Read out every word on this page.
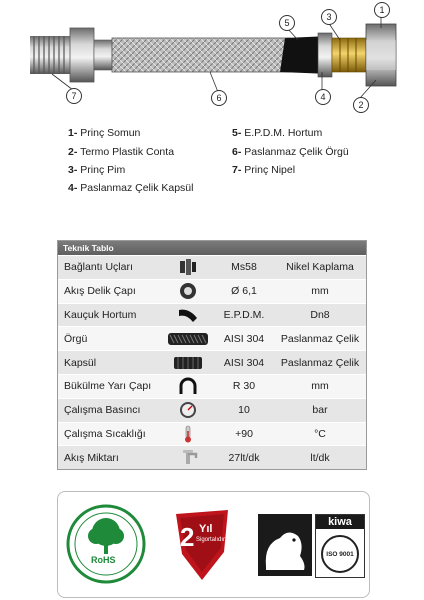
1
2
3
4
5
6
7
1- Prinç Somun
2- Termo Plastik Conta
3- Prinç Pim
4- Paslanmaz Çelik Kapsül
5- E.P.D.M. Hortum
6- Paslanmaz Çelik Örgü
7- Prinç Nipel
Teknik Tablo
Bağlantı Uçları	Ms58	Nikel Kaplama
Akış Delik Çapı	Ø 6,1	mm
Kauçuk Hortum	E.P.D.M.	Dn8
Örgü	AISI 304	Paslanmaz Çelik
Kapsül	AISI 304	Paslanmaz Çelik
Bükülme Yarı Çapı	R 30	mm
Çalışma Basıncı	10	bar
Çalışma Sıcaklığı	+90	°C
Akış Miktarı	27lt/dk	lt/dk
RoHS
2 Yıl
Sigortalıdır.
kiwa
ISO 9001
